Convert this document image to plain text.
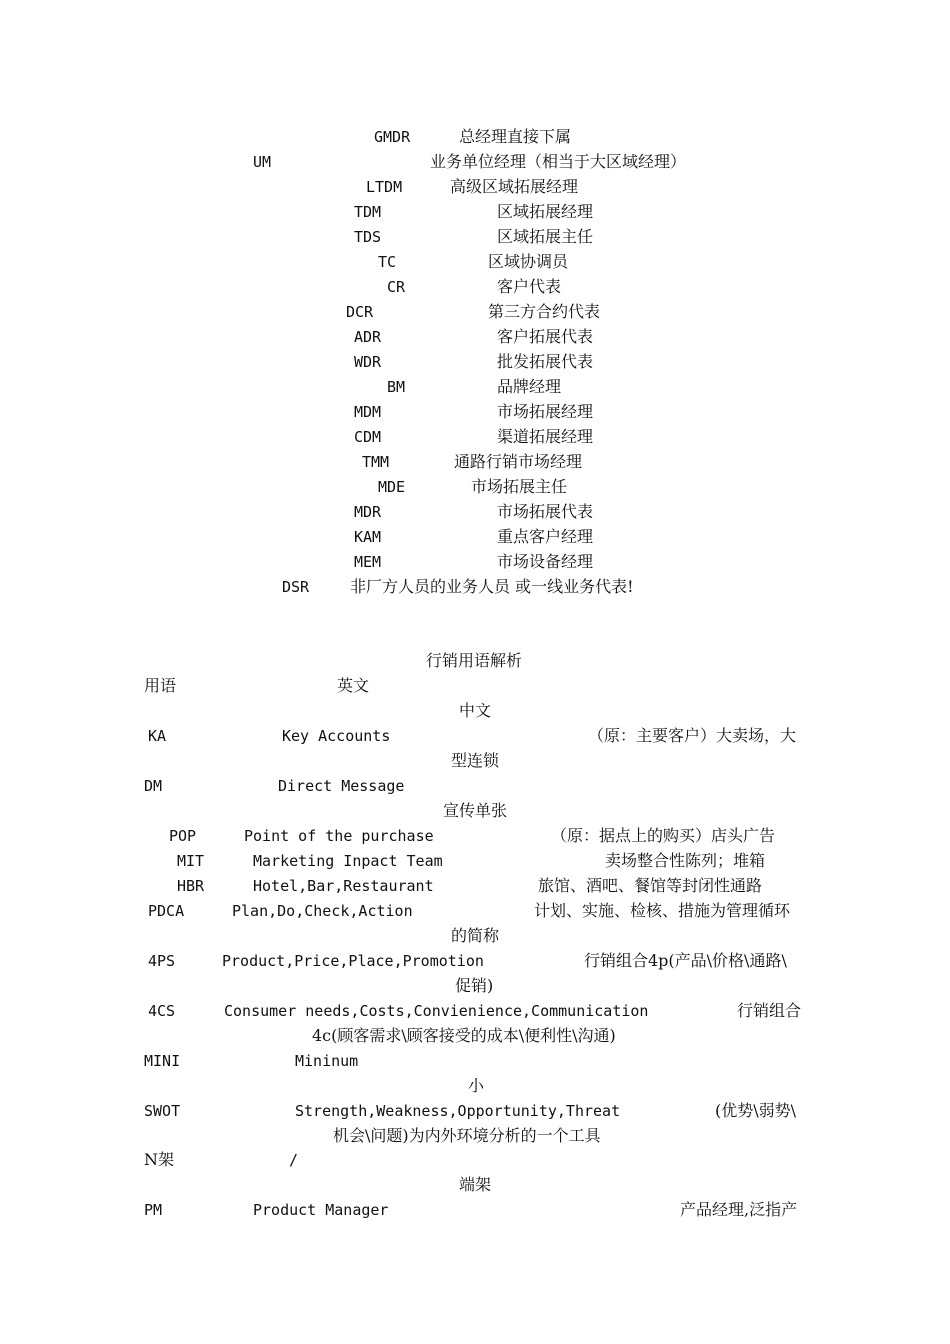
GMDR	总经理直接下属
UM	业务单位经理（相当于大区域经理）
LTDM	高级区域拓展经理
TDM	区域拓展经理
TDS	区域拓展主任
TC	区域协调员
CR	客户代表
DCR	第三方合约代表
ADR	客户拓展代表
WDR	批发拓展代表
BM	品牌经理
MDM	市场拓展经理
CDM	渠道拓展经理
TMM	通路行销市场经理
MDE	市场拓展主任
MDR	市场拓展代表
KAM	重点客户经理
MEM	市场设备经理
DSR	非厂方人员的业务人员 或一线业务代表!
行销用语解析
用语	英文
中文
KA	Key Accounts	（原：主要客户）大卖场，大
型连锁
DM	Direct Message
宣传单张
POP	Point of the purchase	（原：据点上的购买）店头广告
MIT	Marketing Inpact Team	卖场整合性陈列；堆箱
HBR	Hotel,Bar,Restaurant	旅馆、酒吧、餐馆等封闭性通路
PDCA	Plan,Do,Check,Action	计划、实施、检核、措施为管理循环
的简称
4PS	Product,Price,Place,Promotion	行销组合4p(产品\价格\通路\
促销)
4CS	Consumer needs,Costs,Convienience,Communication	行销组合
4c(顾客需求\顾客接受的成本\便利性\沟通)
MINI	Mininum
小
SWOT	Strength,Weakness,Opportunity,Threat	(优势\弱势\
机会\问题)为内外环境分析的一个工具
N架	/
端架
PM	Product Manager	产品经理,泛指产
